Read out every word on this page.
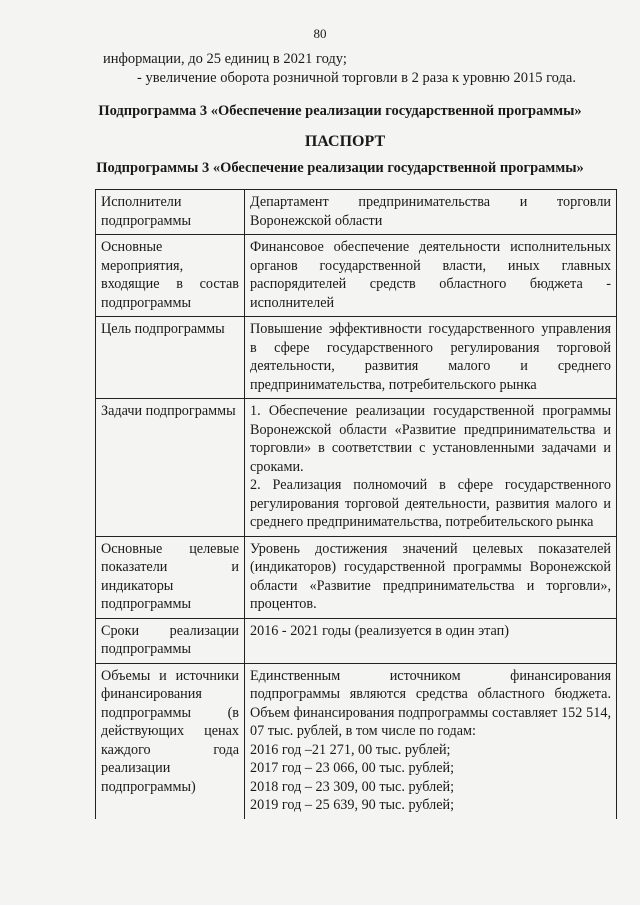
80

информации, до 25 единиц в 2021 году;

- увеличение оборота розничной торговли в 2 раза к уровню 2015 года.

Подпрограмма 3 «Обеспечение реализации государственной программы»
ПАСПОРТ
Подпрограммы 3 «Обеспечение реализации государственной программы»
Исполнители подпрограммы	Департамент предпринимательства и торговли Воронежской области
Основные мероприятия, входящие в состав подпрограммы	Финансовое обеспечение деятельности исполнительных органов государственной власти, иных главных распорядителей средств областного бюджета - исполнителей
Цель подпрограммы	Повышение эффективности государственного управления в сфере государственного регулирования торговой деятельности, развития малого и среднего предпринимательства, потребительского рынка
Задачи подпрограммы	1. Обеспечение реализации государственной программы Воронежской области «Развитие предпринимательства и торговли» в соответствии с установленными задачами и сроками.
2. Реализация полномочий в сфере государственного регулирования торговой деятельности, развития малого и среднего предпринимательства, потребительского рынка

Основные целевые показатели и индикаторы подпрограммы	Уровень достижения значений целевых показателей (индикаторов) государственной программы Воронежской области «Развитие предпринимательства и торговли», процентов.
Сроки реализации подпрограммы	2016 - 2021 годы (реализуется в один этап)
Объемы и источники финансирования подпрограммы (в действующих ценах каждого года реализации подпрограммы)	Единственным источником финансирования подпрограммы являются средства областного бюджета. Объем финансирования подпрограммы составляет 152 514, 07 тыс. рублей, в том числе по годам:
2016 год –21 271, 00 тыс. рублей;
2017 год – 23 066, 00 тыс. рублей;
2018 год – 23 309, 00 тыс. рублей;
2019 год – 25 639, 90 тыс. рублей;
